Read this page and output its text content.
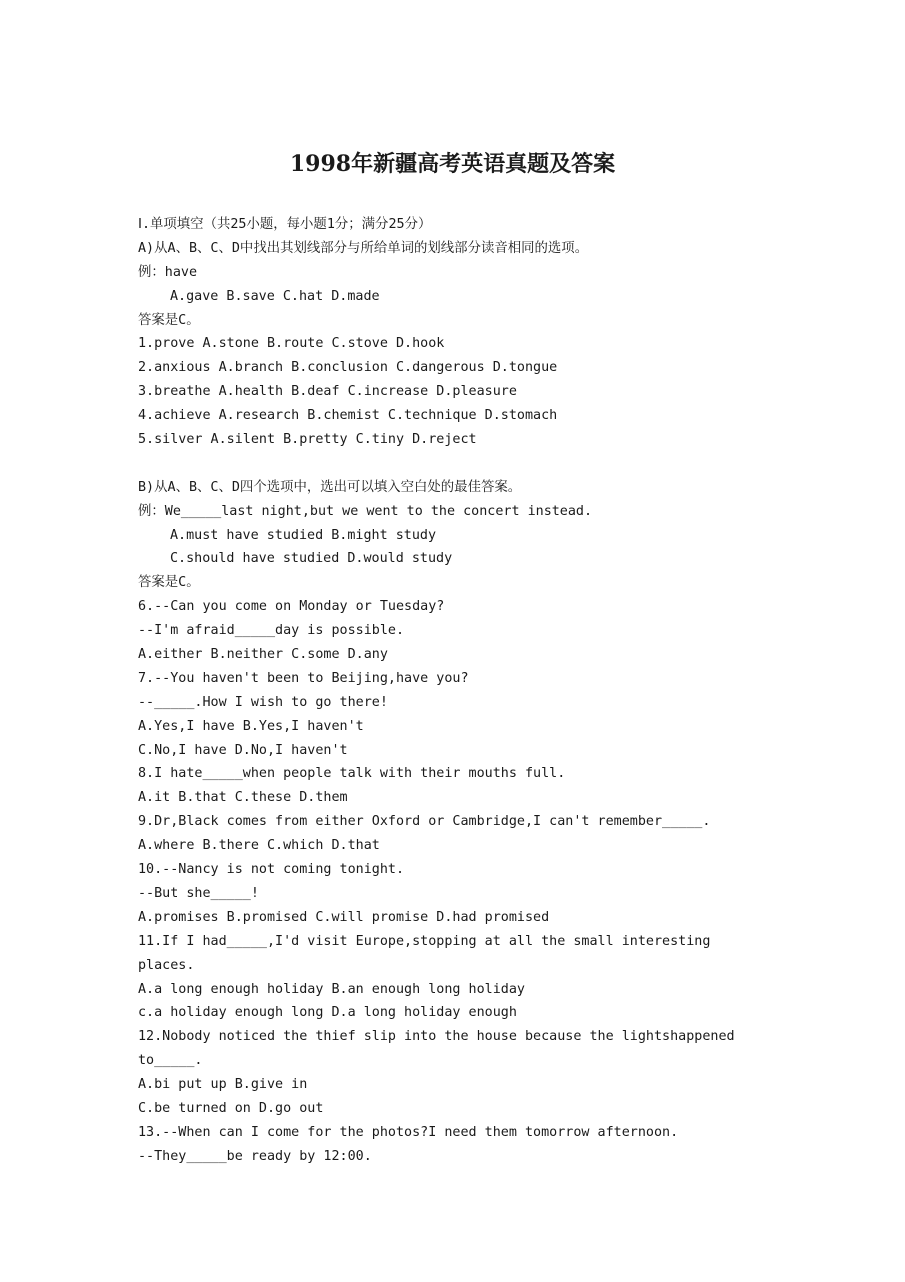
1998年新疆高考英语真题及答案
Ⅰ.单项填空（共25小题，每小题1分；满分25分）
A)从A、B、C、D中找出其划线部分与所给单词的划线部分读音相同的选项。
例：have
A.gave B.save C.hat D.made
答案是C。
1.prove A.stone B.route C.stove D.hook
2.anxious A.branch B.conclusion C.dangerous D.tongue
3.breathe A.health B.deaf C.increase D.pleasure
4.achieve A.research B.chemist C.technique D.stomach
5.silver A.silent B.pretty C.tiny D.reject
B)从A、B、C、D四个选项中，选出可以填入空白处的最佳答案。
例：We_____last night,but we went to the concert instead.
A.must have studied B.might study
C.should have studied D.would study
答案是C。
6.--Can you come on Monday or Tuesday?
--I'm afraid_____day is possible.
A.either B.neither C.some D.any
7.--You haven't been to Beijing,have you?
--_____.How I wish to go there!
A.Yes,I have B.Yes,I haven't
C.No,I have D.No,I haven't
8.I hate_____when people talk with their mouths full.
A.it B.that C.these D.them
9.Dr,Black comes from either Oxford or Cambridge,I can't remember_____.
A.where B.there C.which D.that
10.--Nancy is not coming tonight.
--But she_____!
A.promises B.promised C.will promise D.had promised
11.If I had_____,I'd visit Europe,stopping at all the small interesting
places.
A.a long enough holiday B.an enough long holiday
c.a holiday enough long D.a long holiday enough
12.Nobody noticed the thief slip into the house because the lightshappened
to_____.
A.bi put up B.give in
C.be turned on D.go out
13.--When can I come for the photos?I need them tomorrow afternoon.
--They_____be ready by 12:00.
